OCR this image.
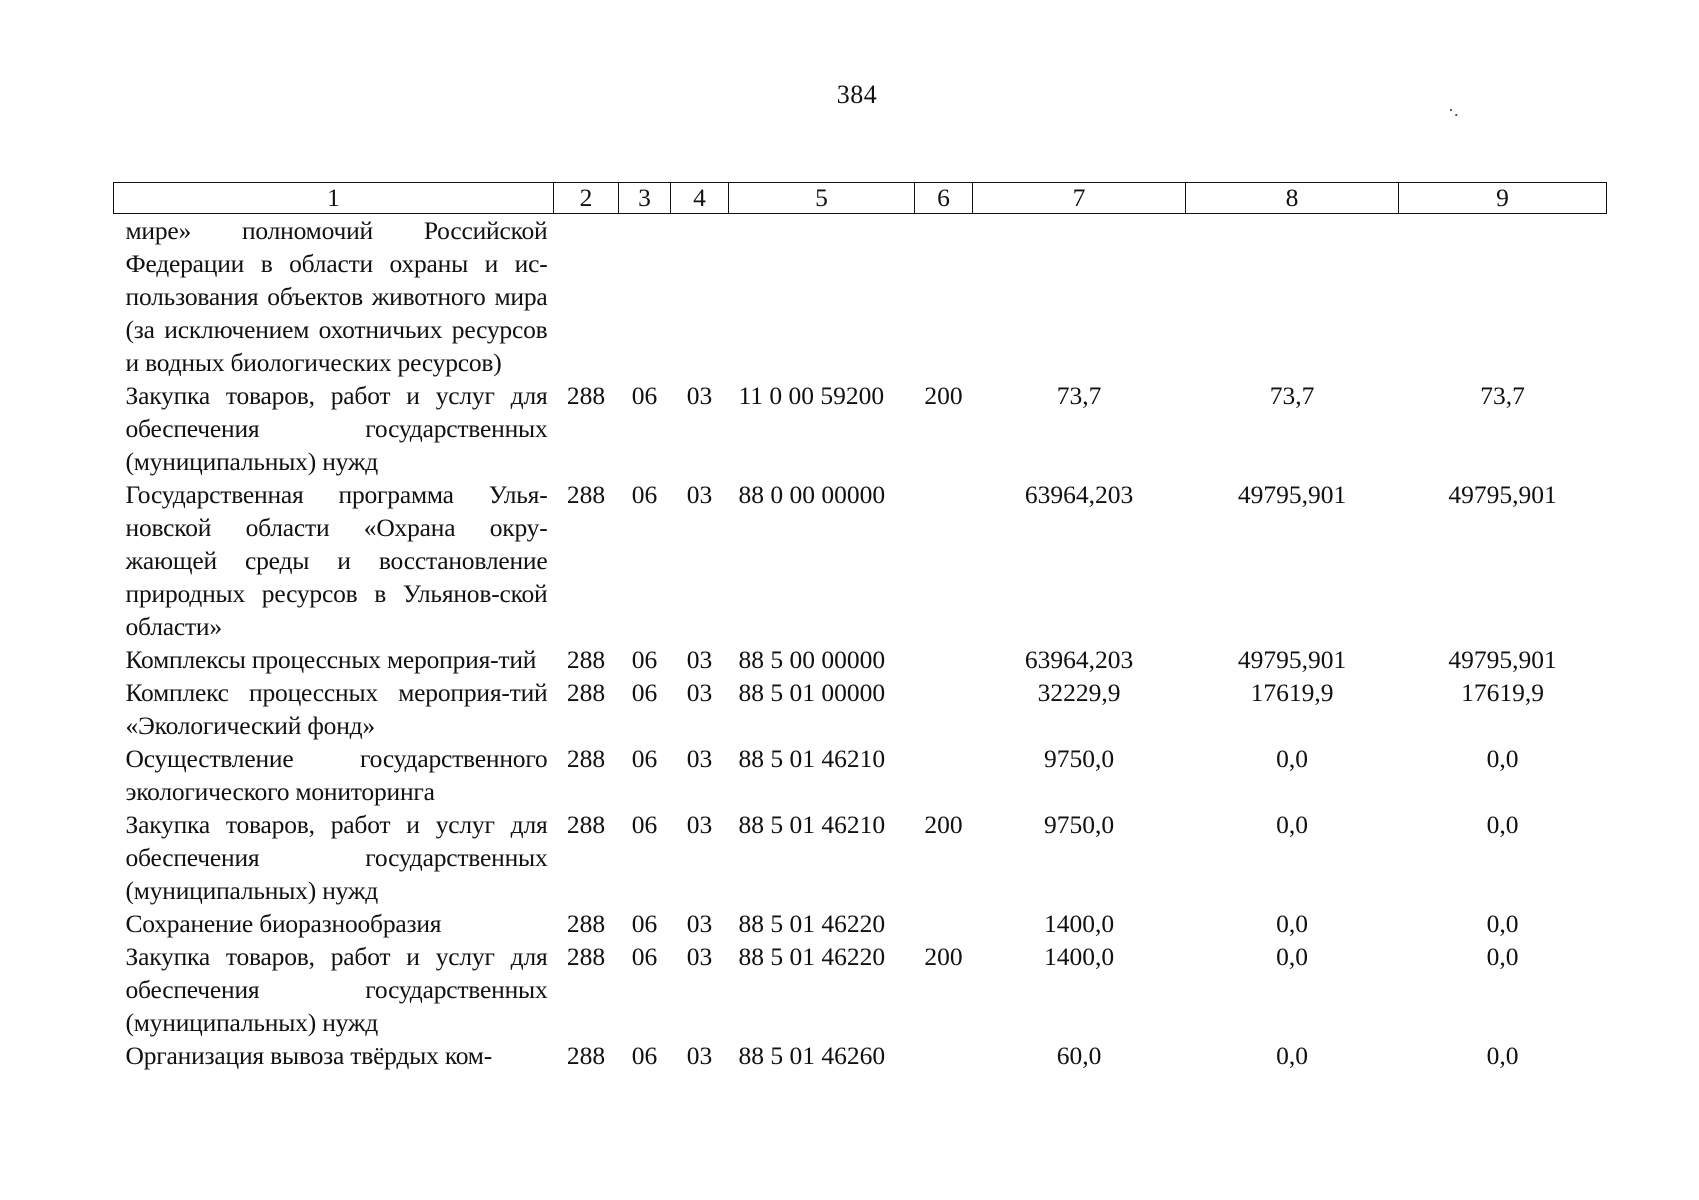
384
·.
1	2	3	4	5	6	7	8	9
мире» полномочий Российской Федерации в области охраны и ис-пользования объектов животного мира (за исключением охотничьих ресурсов и водных биологических ресурсов)								
Закупка товаров, работ и услуг для обеспечения государственных (муниципальных) нужд	288	06	03	11 0 00 59200	200	73,7	73,7	73,7
Государственная программа Улья-новской области «Охрана окру-жающей среды и восстановление природных ресурсов в Ульянов-ской области»	288	06	03	88 0 00 00000		63964,203	49795,901	49795,901
Комплексы процессных мероприя-тий	288	06	03	88 5 00 00000		63964,203	49795,901	49795,901
Комплекс процессных мероприя-тий «Экологический фонд»	288	06	03	88 5 01 00000		32229,9	17619,9	17619,9
Осуществление государственного экологического мониторинга	288	06	03	88 5 01 46210		9750,0	0,0	0,0
Закупка товаров, работ и услуг для обеспечения государственных (муниципальных) нужд	288	06	03	88 5 01 46210	200	9750,0	0,0	0,0
Сохранение биоразнообразия	288	06	03	88 5 01 46220		1400,0	0,0	0,0
Закупка товаров, работ и услуг для обеспечения государственных (муниципальных) нужд	288	06	03	88 5 01 46220	200	1400,0	0,0	0,0
Организация вывоза твёрдых ком-	288	06	03	88 5 01 46260		60,0	0,0	0,0
